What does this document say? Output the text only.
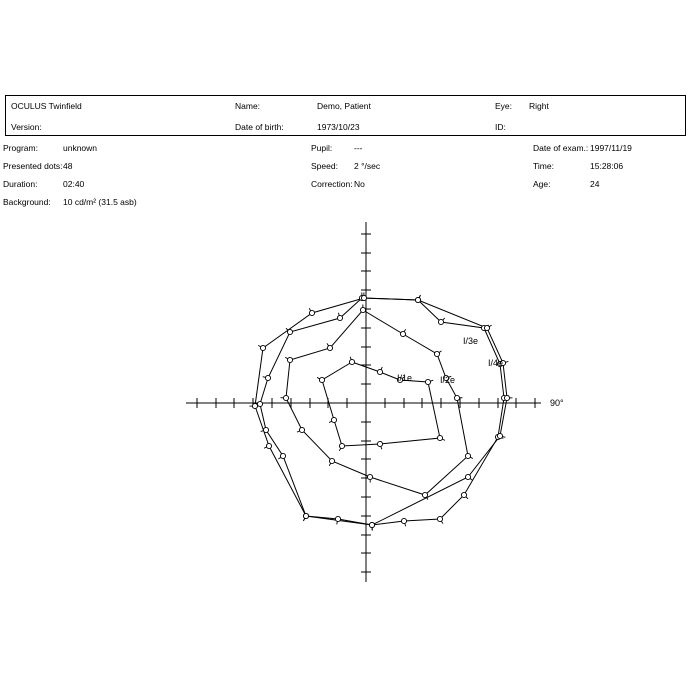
OCULUS Twinfield	Name:	Demo, Patient	Eye: Right
Version:	Date of birth:	1973/10/23	ID:
Program:	unknown
Presented dots: 48
Duration:	02:40
Background: 10 cd/m² (31.5 asb)
Pupil:	---
Speed: 2 °/sec
Correction: No
Date of exam.: 1997/11/19
Time:	15:28:06
Age:	24
I/1e	I/2e
I/3e
I/4e
90°
